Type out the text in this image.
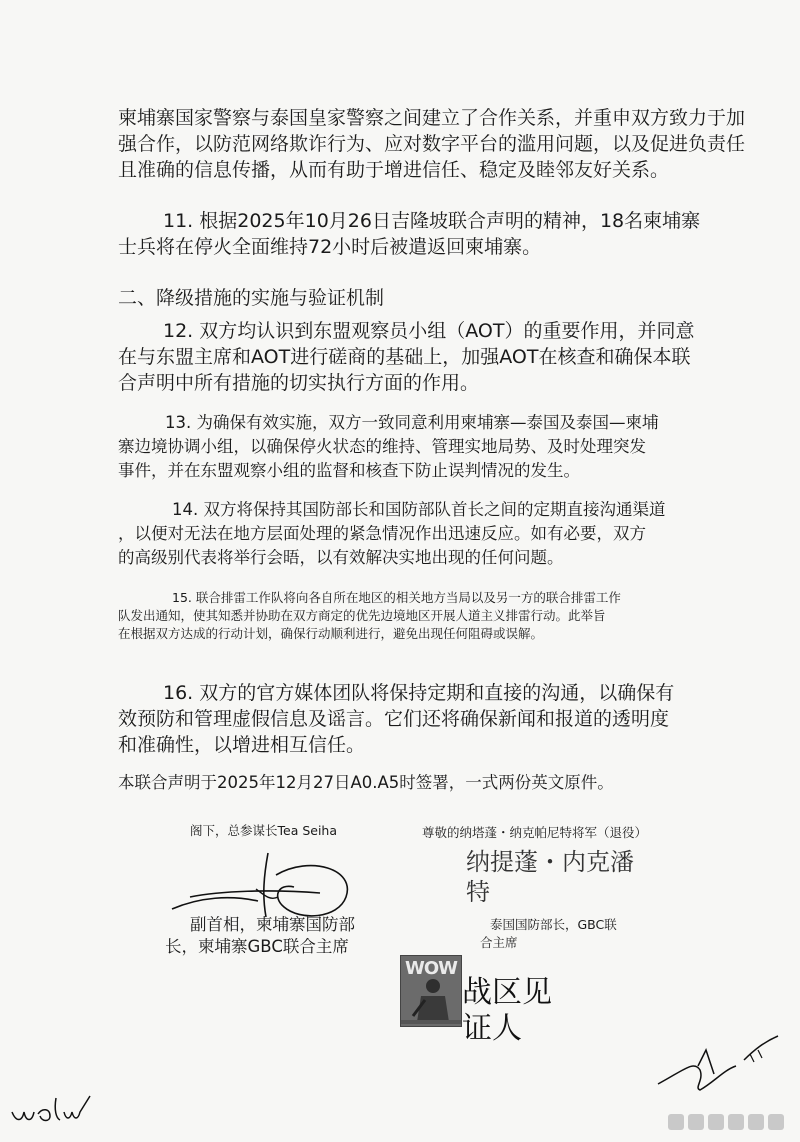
柬埔寨国家警察与泰国皇家警察之间建立了合作关系，并重申双方致力于加
强合作，以防范网络欺诈行为、应对数字平台的滥用问题，以及促进负责任
且准确的信息传播，从而有助于增进信任、稳定及睦邻友好关系。
11. 根据2025年10月26日吉隆坡联合声明的精神，18名柬埔寨
士兵将在停火全面维持72小时后被遣返回柬埔寨。
二、降级措施的实施与验证机制
12. 双方均认识到东盟观察员小组（AOT）的重要作用，并同意
在与东盟主席和AOT进行磋商的基础上，加强AOT在核查和确保本联
合声明中所有措施的切实执行方面的作用。
13. 为确保有效实施，双方一致同意利用柬埔寨—泰国及泰国—柬埔
寨边境协调小组，以确保停火状态的维持、管理实地局势、及时处理突发
事件，并在东盟观察小组的监督和核查下防止误判情况的发生。
14. 双方将保持其国防部长和国防部队首长之间的定期直接沟通渠道
，以便对无法在地方层面处理的紧急情况作出迅速反应。如有必要，双方
的高级别代表将举行会晤，以有效解决实地出现的任何问题。
15. 联合排雷工作队将向各自所在地区的相关地方当局以及另一方的联合排雷工作
队发出通知，使其知悉并协助在双方商定的优先边境地区开展人道主义排雷行动。此举旨
在根据双方达成的行动计划，确保行动顺利进行，避免出现任何阻碍或误解。
16. 双方的官方媒体团队将保持定期和直接的沟通，以确保有
效预防和管理虚假信息及谣言。它们还将确保新闻和报道的透明度
和准确性，以增进相互信任。
本联合声明于2025年12月27日A0.A5时签署，一式两份英文原件。
阁下，总参谋长Tea Seiha
副首相，柬埔寨国防部
长，柬埔寨GBC联合主席
尊敬的纳塔蓬・纳克帕尼特将军（退役）
纳提蓬・内克潘
特
泰国国防部长，GBC联
合主席
WOW
战区见
证人
